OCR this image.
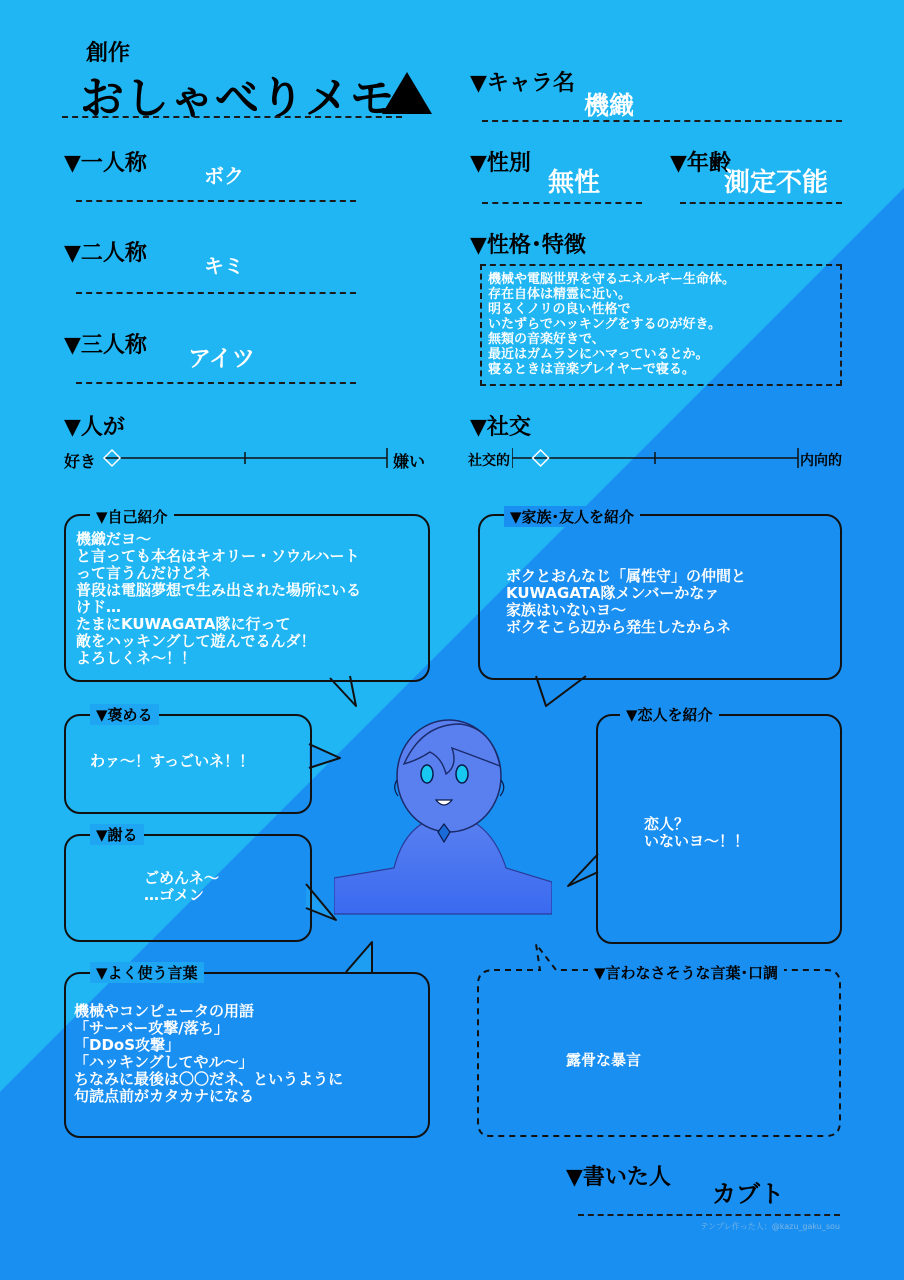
創作
おしゃべりメモ
▼一人称	ボク
▼二人称	キミ
▼三人称
アイツ
▼キャラ名
機織
▼性別
無性
▼年齢
測定不能
▼性格･特徴
機械や電脳世界を守るエネルギー生命体。
存在自体は精霊に近い。
明るくノリの良い性格で
いたずらでハッキングをするのが好き。
無類の音楽好きで、
最近はガムランにハマっているとか。
寝るときは音楽プレイヤーで寝る。
▼人が
好き	嫌い
▼社交
社交的	内向的
▼自己紹介
機織だヨ〜
と言っても本名はキオリー・ソウルハート
って言うんだけどネ
普段は電脳夢想で生み出された場所にいる
けド…
たまにKUWAGATA隊に行って
敵をハッキングして遊んでるんダ！
よろしくネ〜！！
▼家族･友人を紹介
ボクとおんなじ「属性守」の仲間と
KUWAGATA隊メンバーかなァ
家族はいないヨ〜
ボクそこら辺から発生したからネ
▼褒める
わァ〜！すっごいネ！！
▼恋人を紹介
恋人？
いないヨ〜！！
▼謝る
ごめんネ〜
…ゴメン
▼よく使う言葉
機械やコンピュータの用語
「サーバー攻撃/落ち」
「DDoS攻撃」
「ハッキングしてやル〜」
ちなみに最後は〇〇だネ、というように
句読点前がカタカナになる
▼言わなさそうな言葉･口調
露骨な暴言
▼書いた人
カブト
テンプレ作った人：@kazu_gaku_sou
